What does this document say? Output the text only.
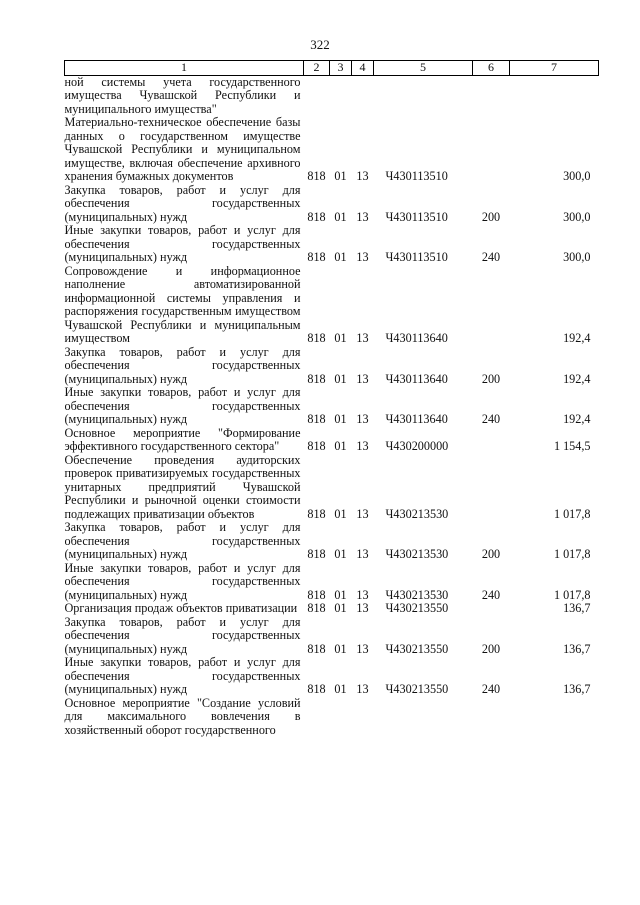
322
1	2	3	4	5	6	7
ной системы учета государственного имущества Чувашской Республики и муниципального имущества"						
Материально-техническое обеспечение базы данных о государственном имуществе Чувашской Республики и муниципальном имуществе, включая обеспечение архивного хранения бумажных документов	818	01	13	Ч430113510		300,0
Закупка товаров, работ и услуг для обеспечения государственных (муниципальных) нужд	818	01	13	Ч430113510	200	300,0
Иные закупки товаров, работ и услуг для обеспечения государственных (муниципальных) нужд	818	01	13	Ч430113510	240	300,0
Сопровождение и информационное наполнение автоматизированной информационной системы управления и распоряжения государственным имуществом Чувашской Республики и муниципальным имуществом	818	01	13	Ч430113640		192,4
Закупка товаров, работ и услуг для обеспечения государственных (муниципальных) нужд	818	01	13	Ч430113640	200	192,4
Иные закупки товаров, работ и услуг для обеспечения государственных (муниципальных) нужд	818	01	13	Ч430113640	240	192,4
Основное мероприятие "Формирование эффективного государственного сектора"	818	01	13	Ч430200000		1 154,5
Обеспечение проведения аудиторских проверок приватизируемых государственных унитарных предприятий Чувашской Республики и рыночной оценки стоимости подлежащих приватизации объектов	818	01	13	Ч430213530		1 017,8
Закупка товаров, работ и услуг для обеспечения государственных (муниципальных) нужд	818	01	13	Ч430213530	200	1 017,8
Иные закупки товаров, работ и услуг для обеспечения государственных (муниципальных) нужд	818	01	13	Ч430213530	240	1 017,8
Организация продаж объектов приватизации	818	01	13	Ч430213550		136,7
Закупка товаров, работ и услуг для обеспечения государственных (муниципальных) нужд	818	01	13	Ч430213550	200	136,7
Иные закупки товаров, работ и услуг для обеспечения государственных (муниципальных) нужд	818	01	13	Ч430213550	240	136,7
Основное мероприятие "Создание условий для максимального вовлечения в хозяйственный оборот государственного						
